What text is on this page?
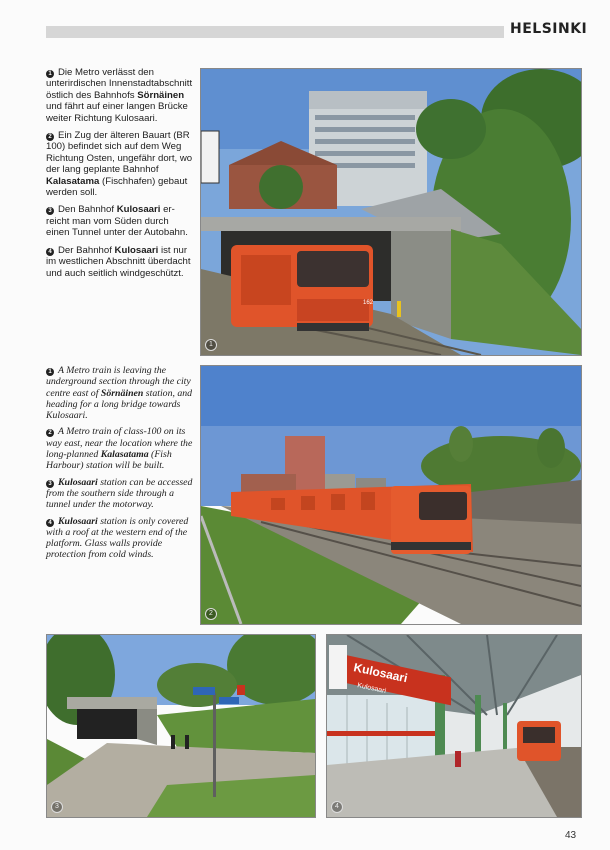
HELSINKI

1 Die Metro verlässt den unterirdischen Innenstadtabschnitt östlich des Bahnhofs Sörnäinen und fährt auf einer langen Brücke weiter Richtung Kulosaari.

2 Ein Zug der älteren Bauart (BR 100) befindet sich auf dem Weg Richtung Osten, ungefähr dort, wo der lang geplante Bahnhof Kalasatama (Fischhafen) gebaut werden soll.

3 Den Bahnhof Kulosaari erreicht man vom Süden durch einen Tunnel unter der Autobahn.

4 Der Bahnhof Kulosaari ist nur im westlichen Abschnitt überdacht und auch seitlich windgeschützt.

1 A Metro train is leaving the underground section through the city centre east of Sörnäinen station, and heading for a long bridge towards Kulosaari.

2 A Metro train of class-100 on its way east, near the location where the long-planned Kalasatama (Fish Harbour) station will be built.

3 Kulosaari station can be accessed from the southern side through a tunnel under the motorway.

4 Kulosaari station is only covered with a roof at the western end of the platform. Glass walls provide protection from cold winds.

162
1
2
3
Kulosaari
Kulosaari
4
43
